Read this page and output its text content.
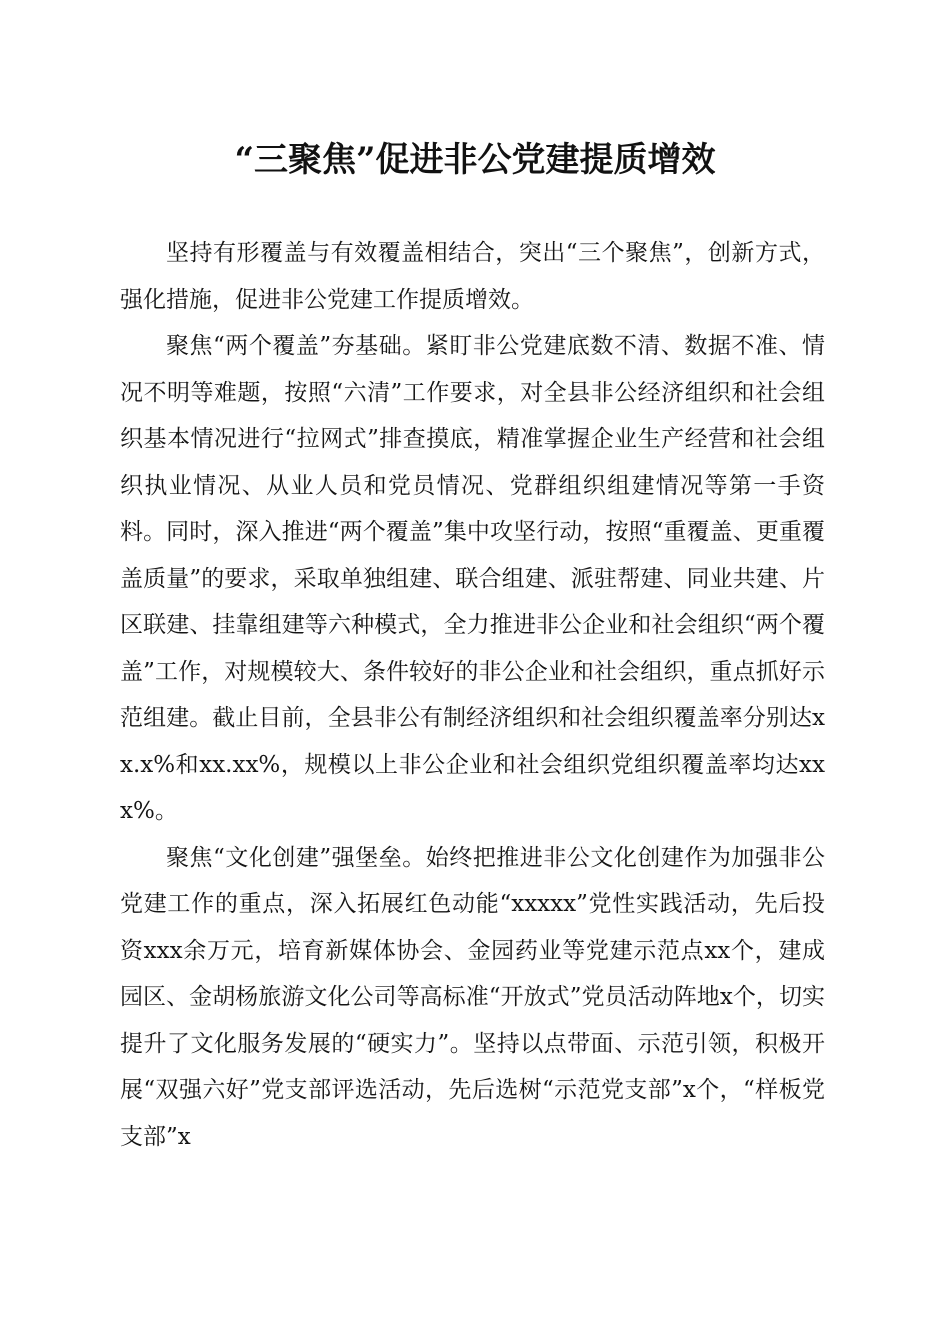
“三聚焦”促进非公党建提质增效

坚持有形覆盖与有效覆盖相结合，突出“三个聚焦”，创新方式，强化措施，促进非公党建工作提质增效。

聚焦“两个覆盖”夯基础。紧盯非公党建底数不清、数据不准、情况不明等难题，按照“六清”工作要求，对全县非公经济组织和社会组织基本情况进行“拉网式”排查摸底，精准掌握企业生产经营和社会组织执业情况、从业人员和党员情况、党群组织组建情况等第一手资料。同时，深入推进“两个覆盖”集中攻坚行动，按照“重覆盖、更重覆盖质量”的要求，采取单独组建、联合组建、派驻帮建、同业共建、片区联建、挂靠组建等六种模式，全力推进非公企业和社会组织“两个覆盖”工作，对规模较大、条件较好的非公企业和社会组织，重点抓好示范组建。截止目前，全县非公有制经济组织和社会组织覆盖率分别达xx.x%和xx.xx%，规模以上非公企业和社会组织党组织覆盖率均达xxx%。

聚焦“文化创建”强堡垒。始终把推进非公文化创建作为加强非公党建工作的重点，深入拓展红色动能“xxxxx”党性实践活动，先后投资xxx余万元，培育新媒体协会、金园药业等党建示范点xx个，建成园区、金胡杨旅游文化公司等高标准“开放式”党员活动阵地x个，切实提升了文化服务发展的“硬实力”。坚持以点带面、示范引领，积极开展“双强六好”党支部评选活动，先后选树“示范党支部”x个，“样板党支部”x
